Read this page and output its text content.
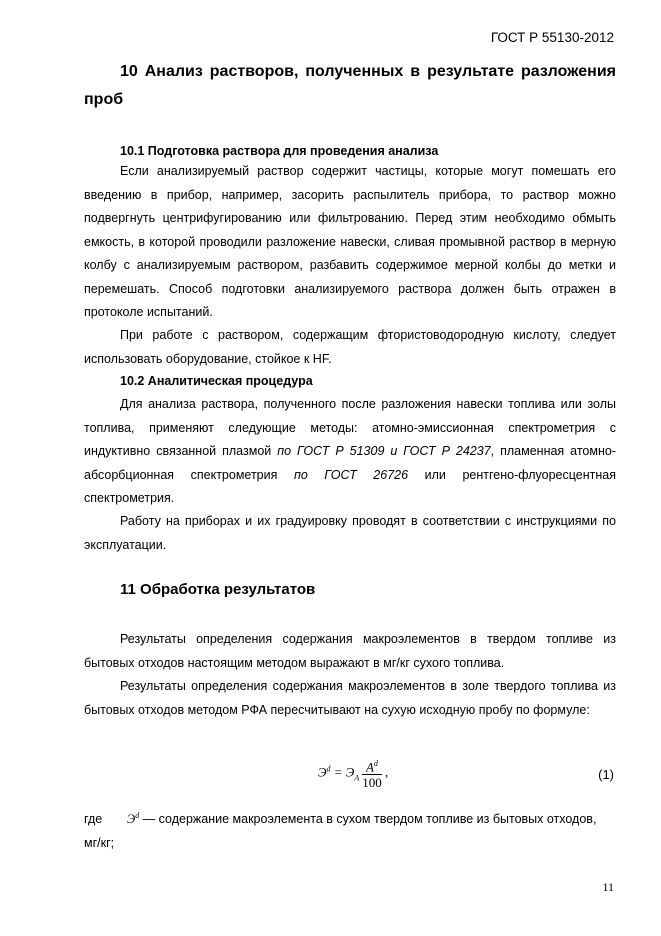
ГОСТ Р 55130-2012
10 Анализ растворов, полученных в результате разложения
проб
10.1 Подготовка раствора для проведения анализа
Если анализируемый раствор содержит частицы, которые могут помешать его введению в прибор, например, засорить распылитель прибора, то раствор можно подвергнуть центрифугированию или фильтрованию. Перед этим необходимо обмыть емкость, в которой проводили разложение навески, сливая промывной раствор в мерную колбу с анализируемым раствором, разбавить содержимое мерной колбы до метки и перемешать. Способ подготовки анализируемого раствора должен быть отражен в протоколе испытаний.
При работе с раствором, содержащим фтористоводородную кислоту, следует использовать оборудование, стойкое к HF.
10.2 Аналитическая процедура
Для анализа раствора, полученного после разложения навески топлива или золы топлива, применяют следующие методы: атомно-эмиссионная спектрометрия с индуктивно связанной плазмой по ГОСТ Р 51309 и ГОСТ Р 24237, пламенная атомно-абсорбционная спектрометрия по ГОСТ 26726 или рентгено-флуоресцентная спектрометрия.
Работу на приборах и их градуировку проводят в соответствии с инструкциями по эксплуатации.
11 Обработка результатов
Результаты определения содержания макроэлементов в твердом топливе из бытовых отходов настоящим методом выражают в мг/кг сухого топлива.
Результаты определения содержания макроэлементов в золе твердого топлива из бытовых отходов методом РФА пересчитывают на сухую исходную пробу по формуле:
$Э^d = Э_A \frac{A^d}{100}$ ,	(1)
где $Э^d$ — содержание макроэлемента в сухом твердом топливе из бытовых отходов, мг/кг;
11
